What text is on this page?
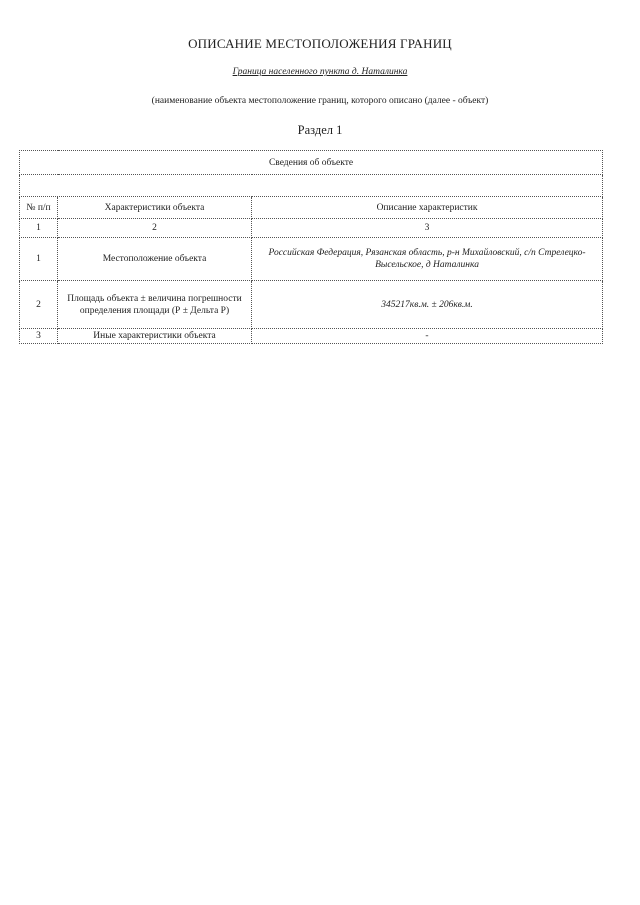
ОПИСАНИЕ МЕСТОПОЛОЖЕНИЯ ГРАНИЦ
Граница населенного пункта д. Наталинка
(наименование объекта местоположение границ, которого описано (далее - объект)
Раздел 1
Сведения об объекте		

№ п/п	Характеристики объекта	Описание характеристик
1	2	3
1	Местоположение объекта	Российская Федерация, Рязанская область, р-н Михайловский, с/п Стрелецко-Высельское, д Наталинка
2	Площадь объекта ± величина погрешности определения площади (Р ± Дельта Р)	345217кв.м. ± 206кв.м.
3	Иные характеристики объекта	-
